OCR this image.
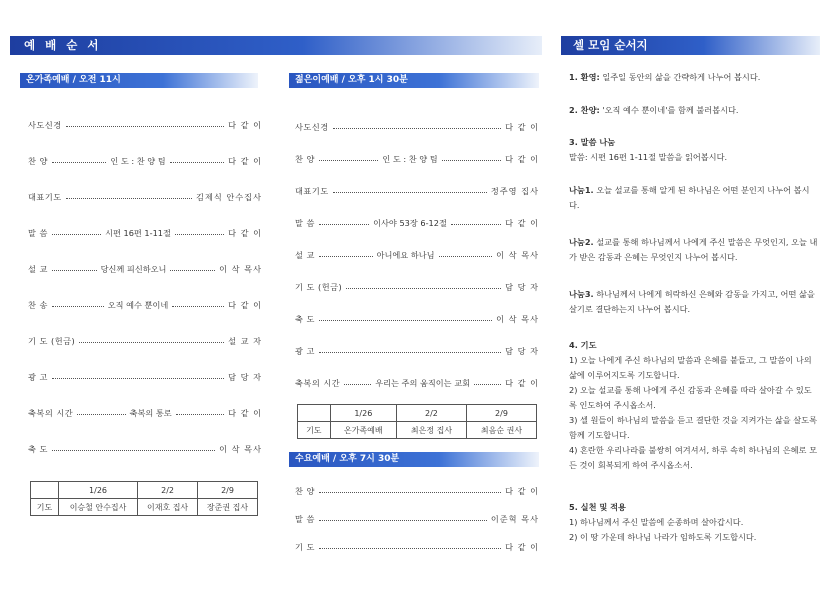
예 배 순 서	셀 모임 순서지
온가족예배 / 오전 11시
사도신경	다 같 이
찬 양	인 도 : 찬 양 팀	다 같 이
대표기도	김제식 안수집사
말 씀	시편 16편 1-11절	다 같 이
설 교	당신께 피신하오니	이 삭 목사
찬 송	오직 예수 뿐이네	다 같 이
기 도 (헌금)	설 교 자
광 고	담 당 자
축복의 시간	축복의 통로	다 같 이
축 도	이 삭 목사
	1/26	2/2	2/9
기도	이승철 안수집사	이재호 집사	장준권 집사
젊은이예배 / 오후 1시 30분
사도신경	다 같 이
찬 양	인 도 : 찬 양 팀	다 같 이
대표기도	정주영 집사
말 씀	이사야 53장 6-12절	다 같 이
설 교	아니에요 하나님	이 삭 목사
기 도 (헌금)	담 당 자
축 도	이 삭 목사
광 고	담 당 자
축복의 시간	우리는 주의 움직이는 교회	다 같 이
	1/26	2/2	2/9
기도	온가족예배	최은정 집사	최음순 권사
수요예배 / 오후 7시 30분
찬 양	다 같 이
말 씀	이준혁 목사
기 도	다 같 이
1. 환영: 일주일 동안의 삶을 간략하게 나누어 봅시다.
2. 찬양: '오직 예수 뿐이네'를 함께 불러봅시다.
3. 말씀 나눔
말씀: 시편 16편 1-11절 말씀을 읽어봅시다.
나눔1. 오늘 설교를 통해 알게 된 하나님은 어떤 분인지 나누어 봅시다.
나눔2. 설교를 통해 하나님께서 나에게 주신 말씀은 무엇인지, 오늘 내가 받은 감동과 은혜는 무엇인지 나누어 봅시다.
나눔3. 하나님께서 나에게 허락하신 은혜와 감동을 가지고, 어떤 삶을 살기로 결단하는지 나누어 봅시다.
4. 기도
1) 오늘 나에게 주신 하나님의 말씀과 은혜를 붙들고, 그 말씀이 나의 삶에 이루어지도록 기도합니다.
2) 오늘 설교를 통해 나에게 주신 감동과 은혜를 따라 살아갈 수 있도록 인도하여 주시옵소서.
3) 셀 원들이 하나님의 말씀을 듣고 결단한 것을 지켜가는 삶을 살도록 함께 기도합니다.
4) 혼란한 우리나라를 불쌍히 여겨셔서, 하루 속히 하나님의 은혜로 모든 것이 회복되게 하여 주시옵소서.
5. 실천 및 적용
1) 하나님께서 주신 말씀에 순종하며 살아갑시다.
2) 이 땅 가운데 하나님 나라가 임하도록 기도합시다.
